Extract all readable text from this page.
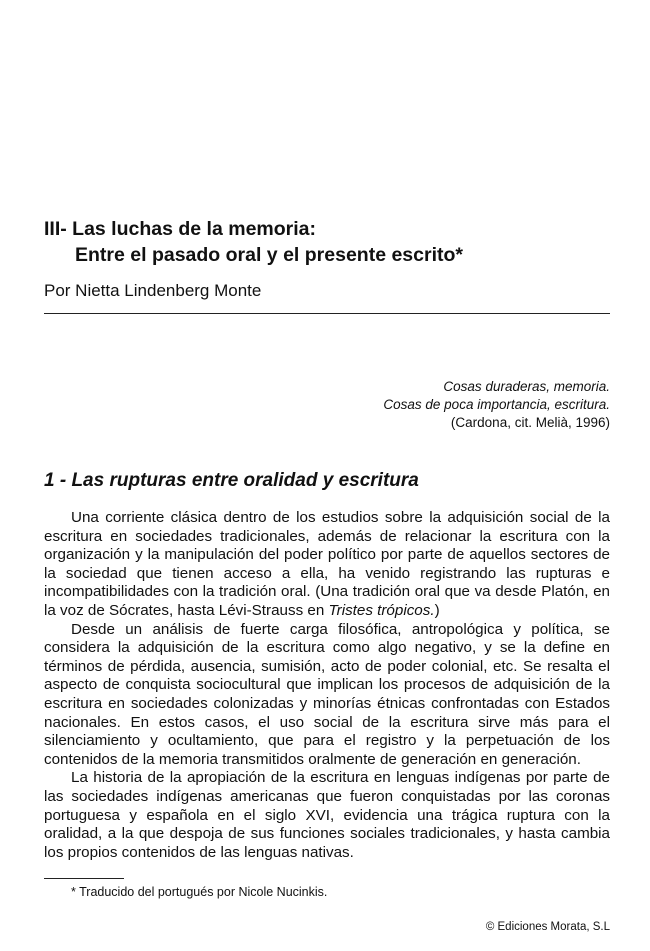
III- Las luchas de la memoria:
Entre el pasado oral y el presente escrito*

Por Nietta Lindenberg Monte

Cosas duraderas, memoria.
Cosas de poca importancia, escritura.
(Cardona, cit. Melià, 1996)
1 - Las rupturas entre oralidad y escritura

Una corriente clásica dentro de los estudios sobre la adquisición social de la escritura en sociedades tradicionales, además de relacionar la escritura con la organización y la manipulación del poder político por parte de aquellos sectores de la sociedad que tienen acceso a ella, ha venido registrando las rupturas e incompatibilidades con la tradición oral. (Una tradición oral que va desde Platón, en la voz de Sócrates, hasta Lévi-Strauss en Tristes trópicos.)

Desde un análisis de fuerte carga filosófica, antropológica y política, se considera la adquisición de la escritura como algo negativo, y se la define en términos de pérdida, ausencia, sumisión, acto de poder colonial, etc. Se resalta el aspecto de conquista sociocultural que implican los procesos de adquisición de la escritura en sociedades colonizadas y minorías étnicas confrontadas con Estados nacionales. En estos casos, el uso social de la escritura sirve más para el silenciamiento y ocultamiento, que para el registro y la perpetuación de los contenidos de la memoria transmitidos oralmente de generación en generación.

La historia de la apropiación de la escritura en lenguas indígenas por parte de las sociedades indígenas americanas que fueron conquistadas por las coronas portuguesa y española en el siglo XVI, evidencia una trágica ruptura con la oralidad, a la que despoja de sus funciones sociales tradicionales, y hasta cambia los propios contenidos de las lenguas nativas.

* Traducido del portugués por Nicole Nucinkis.
© Ediciones Morata, S.L
